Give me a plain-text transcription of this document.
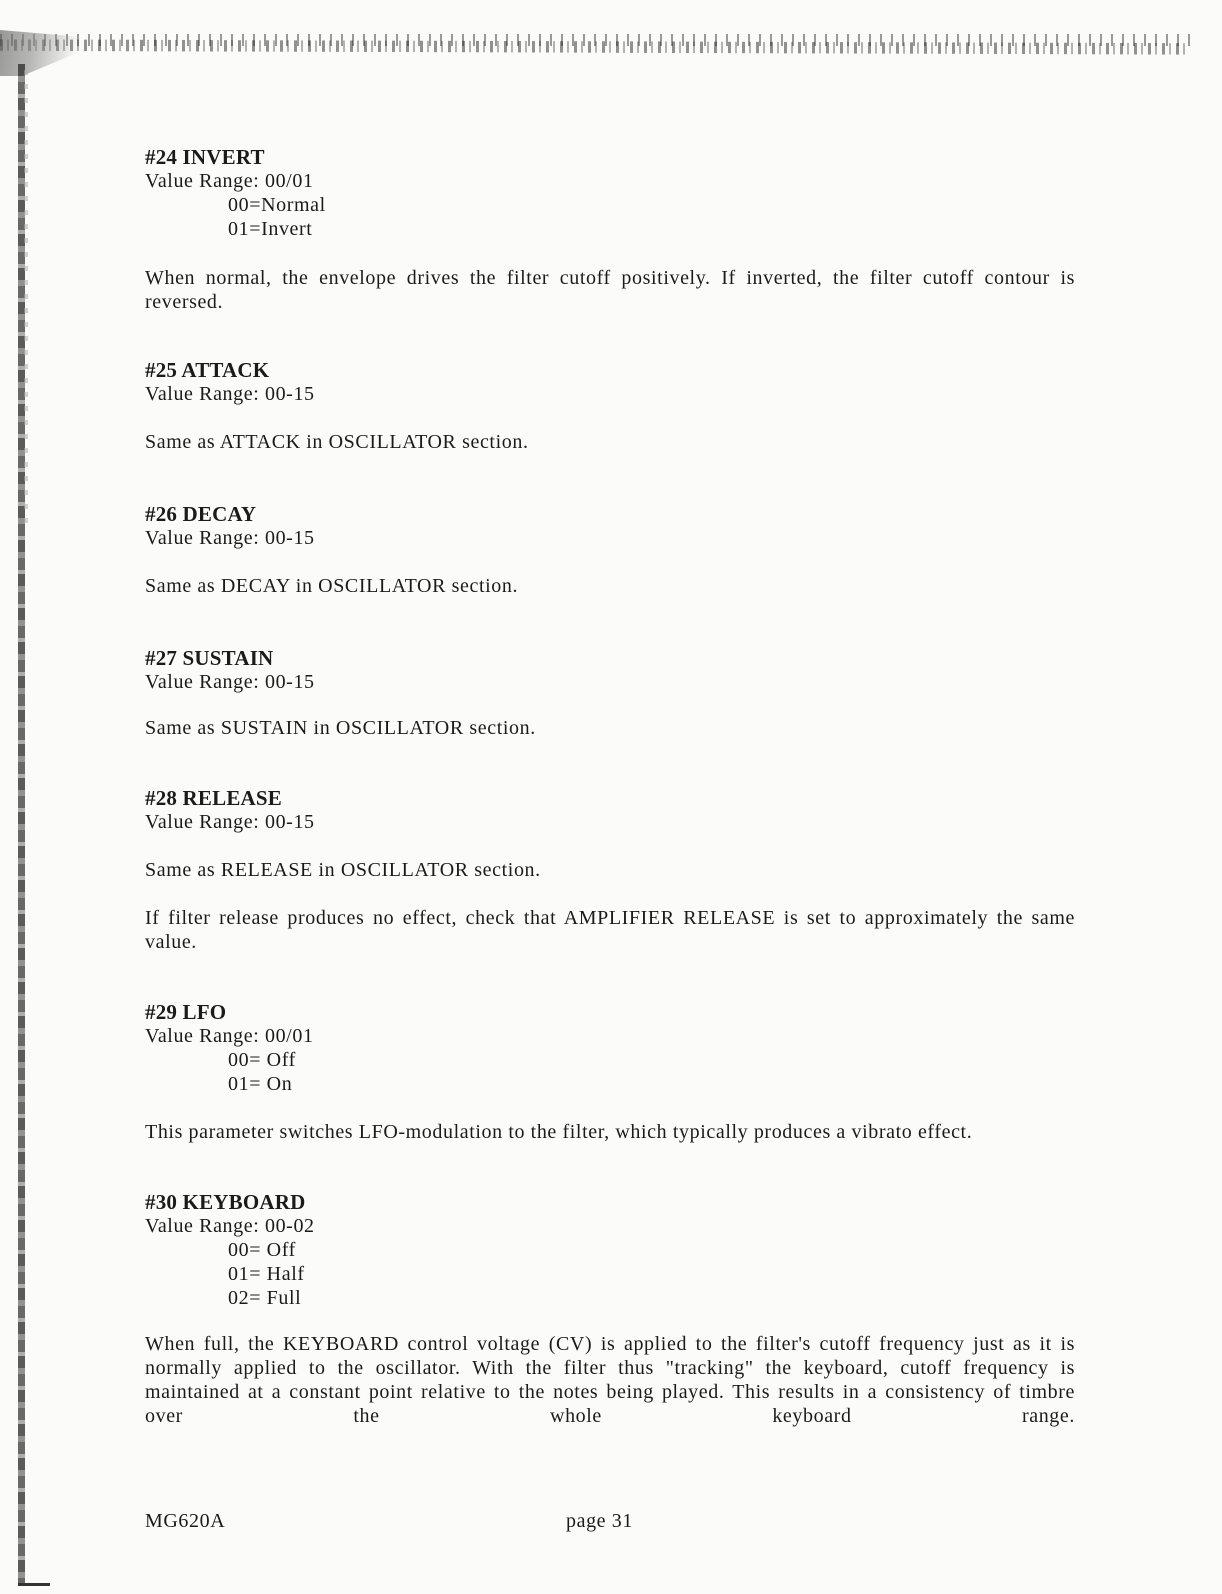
#24 INVERT

Value Range: 00/01

00=Normal

01=Invert

When normal, the envelope drives the filter cutoff positively. If inverted, the filter cutoff contour is reversed.

#25 ATTACK

Value Range: 00-15

Same as ATTACK in OSCILLATOR section.

#26 DECAY

Value Range: 00-15

Same as DECAY in OSCILLATOR section.

#27 SUSTAIN

Value Range: 00-15

Same as SUSTAIN in OSCILLATOR section.

#28 RELEASE

Value Range: 00-15

Same as RELEASE in OSCILLATOR section.

If filter release produces no effect, check that AMPLIFIER RELEASE is set to approximately the same value.

#29 LFO

Value Range: 00/01

00= Off

01= On

This parameter switches LFO-modulation to the filter, which typically produces a vibrato effect.

#30 KEYBOARD

Value Range: 00-02

00= Off

01= Half

02= Full

When full, the KEYBOARD control voltage (CV) is applied to the filter's cutoff frequency just as it is normally applied to the oscillator. With the filter thus "tracking" the keyboard, cutoff frequency is maintained at a constant point relative to the notes being played. This results in a consistency of timbre over the whole keyboard range.

MG620A	page 31
